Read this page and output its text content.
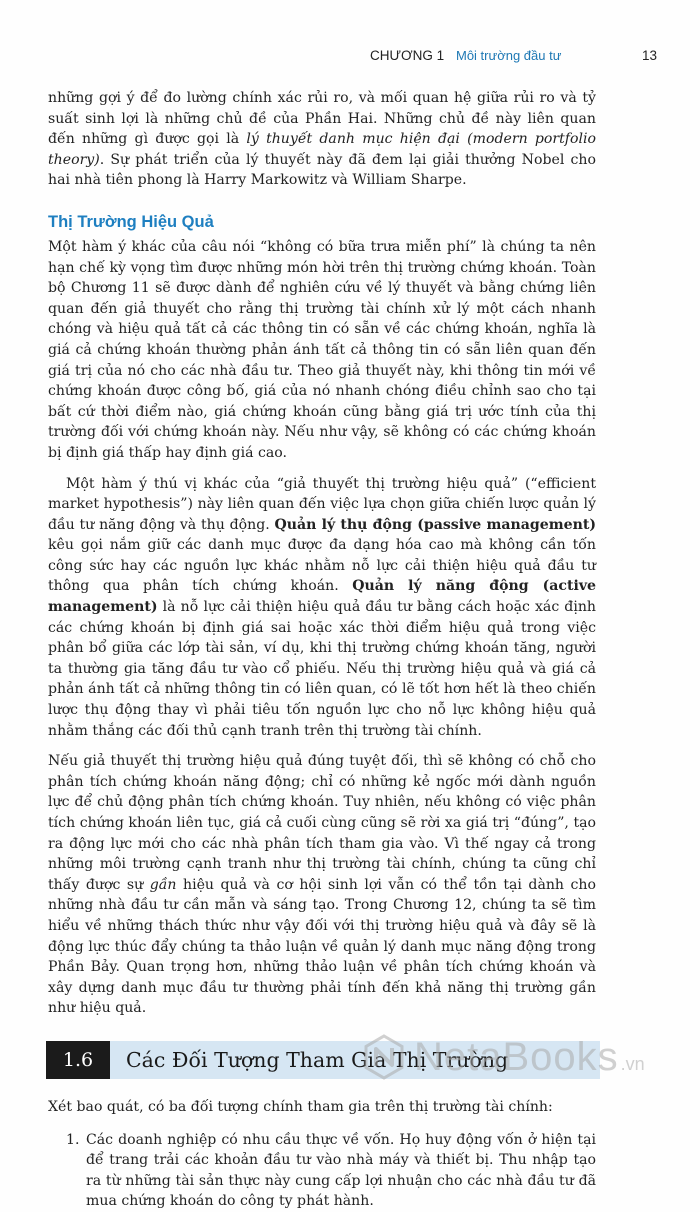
CHƯƠNG 1 Môi trường đầu tư	13

những gợi ý để đo lường chính xác rủi ro, và mối quan hệ giữa rủi ro và tỷ suất sinh lợi là những chủ đề của Phần Hai. Những chủ đề này liên quan đến những gì được gọi là lý thuyết danh mục hiện đại (modern portfolio theory). Sự phát triển của lý thuyết này đã đem lại giải thưởng Nobel cho hai nhà tiên phong là Harry Markowitz và William Sharpe.

Thị Trường Hiệu Quả

Một hàm ý khác của câu nói “không có bữa trưa miễn phí” là chúng ta nên hạn chế kỳ vọng tìm được những món hời trên thị trường chứng khoán. Toàn bộ Chương 11 sẽ được dành để nghiên cứu về lý thuyết và bằng chứng liên quan đến giả thuyết cho rằng thị trường tài chính xử lý một cách nhanh chóng và hiệu quả tất cả các thông tin có sẵn về các chứng khoán, nghĩa là giá cả chứng khoán thường phản ánh tất cả thông tin có sẵn liên quan đến giá trị của nó cho các nhà đầu tư. Theo giả thuyết này, khi thông tin mới về chứng khoán được công bố, giá của nó nhanh chóng điều chỉnh sao cho tại bất cứ thời điểm nào, giá chứng khoán cũng bằng giá trị ước tính của thị trường đối với chứng khoán này. Nếu như vậy, sẽ không có các chứng khoán bị định giá thấp hay định giá cao.

Một hàm ý thú vị khác của “giả thuyết thị trường hiệu quả” (“efficient market hypothesis”) này liên quan đến việc lựa chọn giữa chiến lược quản lý đầu tư năng động và thụ động. Quản lý thụ động (passive management) kêu gọi nắm giữ các danh mục được đa dạng hóa cao mà không cần tốn công sức hay các nguồn lực khác nhằm nỗ lực cải thiện hiệu quả đầu tư thông qua phân tích chứng khoán. Quản lý năng động (active management) là nỗ lực cải thiện hiệu quả đầu tư bằng cách hoặc xác định các chứng khoán bị định giá sai hoặc xác thời điểm hiệu quả trong việc phân bổ giữa các lớp tài sản, ví dụ, khi thị trường chứng khoán tăng, người ta thường gia tăng đầu tư vào cổ phiếu. Nếu thị trường hiệu quả và giá cả phản ánh tất cả những thông tin có liên quan, có lẽ tốt hơn hết là theo chiến lược thụ động thay vì phải tiêu tốn nguồn lực cho nỗ lực không hiệu quả nhằm thắng các đối thủ cạnh tranh trên thị trường tài chính.

Nếu giả thuyết thị trường hiệu quả đúng tuyệt đối, thì sẽ không có chỗ cho phân tích chứng khoán năng động; chỉ có những kẻ ngốc mới dành nguồn lực để chủ động phân tích chứng khoán. Tuy nhiên, nếu không có việc phân tích chứng khoán liên tục, giá cả cuối cùng cũng sẽ rời xa giá trị “đúng”, tạo ra động lực mới cho các nhà phân tích tham gia vào. Vì thế ngay cả trong những môi trường cạnh tranh như thị trường tài chính, chúng ta cũng chỉ thấy được sự gần hiệu quả và cơ hội sinh lợi vẫn có thể tồn tại dành cho những nhà đầu tư cần mẫn và sáng tạo. Trong Chương 12, chúng ta sẽ tìm hiểu về những thách thức như vậy đối với thị trường hiệu quả và đây sẽ là động lực thúc đẩy chúng ta thảo luận về quản lý danh mục năng động trong Phần Bảy. Quan trọng hơn, những thảo luận về phân tích chứng khoán và xây dựng danh mục đầu tư thường phải tính đến khả năng thị trường gần như hiệu quả.

1.6	Các Đối Tượng Tham Gia Thị Trường

Xét bao quát, có ba đối tượng chính tham gia trên thị trường tài chính:

1. Các doanh nghiệp có nhu cầu thực về vốn. Họ huy động vốn ở hiện tại để trang trải các khoản đầu tư vào nhà máy và thiết bị. Thu nhập tạo ra từ những tài sản thực này cung cấp lợi nhuận cho các nhà đầu tư đã mua chứng khoán do công ty phát hành.
NetaBooks .vn
